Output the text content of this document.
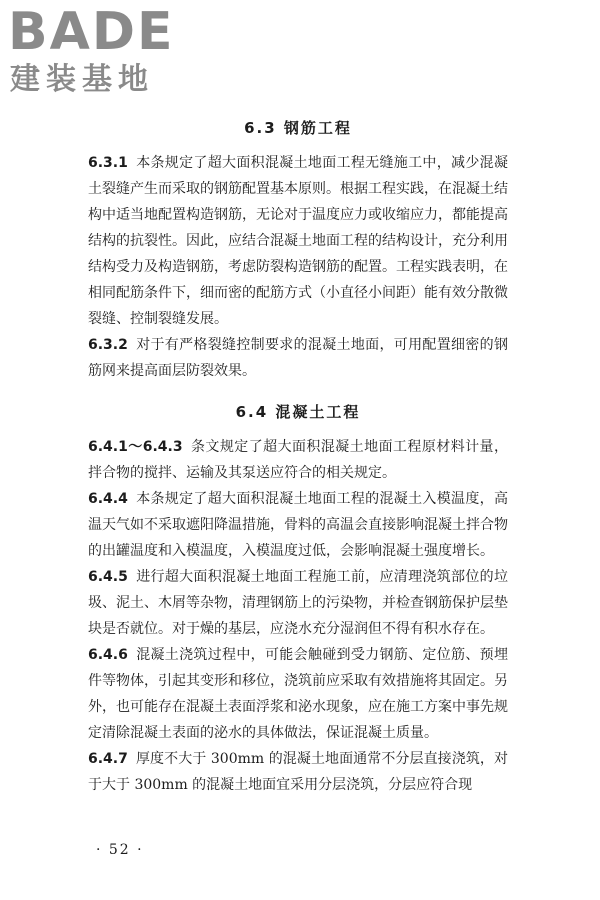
BADE
建装基地
6.3 钢筋工程

6.3.1 本条规定了超大面积混凝土地面工程无缝施工中，减少混凝土裂缝产生而采取的钢筋配置基本原则。根据工程实践，在混凝土结构中适当地配置构造钢筋，无论对于温度应力或收缩应力，都能提高结构的抗裂性。因此，应结合混凝土地面工程的结构设计，充分利用结构受力及构造钢筋，考虑防裂构造钢筋的配置。工程实践表明，在相同配筋条件下，细而密的配筋方式（小直径小间距）能有效分散微裂缝、控制裂缝发展。

6.3.2 对于有严格裂缝控制要求的混凝土地面，可用配置细密的钢筋网来提高面层防裂效果。

6.4 混凝土工程

6.4.1～6.4.3 条文规定了超大面积混凝土地面工程原材料计量，拌合物的搅拌、运输及其泵送应符合的相关规定。

6.4.4 本条规定了超大面积混凝土地面工程的混凝土入模温度，高温天气如不采取遮阳降温措施，骨料的高温会直接影响混凝土拌合物的出罐温度和入模温度，入模温度过低，会影响混凝土强度增长。

6.4.5 进行超大面积混凝土地面工程施工前，应清理浇筑部位的垃圾、泥土、木屑等杂物，清理钢筋上的污染物，并检查钢筋保护层垫块是否就位。对于燥的基层，应浇水充分湿润但不得有积水存在。

6.4.6 混凝土浇筑过程中，可能会触碰到受力钢筋、定位筋、预埋件等物体，引起其变形和移位，浇筑前应采取有效措施将其固定。另外，也可能存在混凝土表面浮浆和泌水现象，应在施工方案中事先规定清除混凝土表面的泌水的具体做法，保证混凝土质量。

6.4.7 厚度不大于 300mm 的混凝土地面通常不分层直接浇筑，对于大于 300mm 的混凝土地面宜采用分层浇筑，分层应符合现

· 52 ·
